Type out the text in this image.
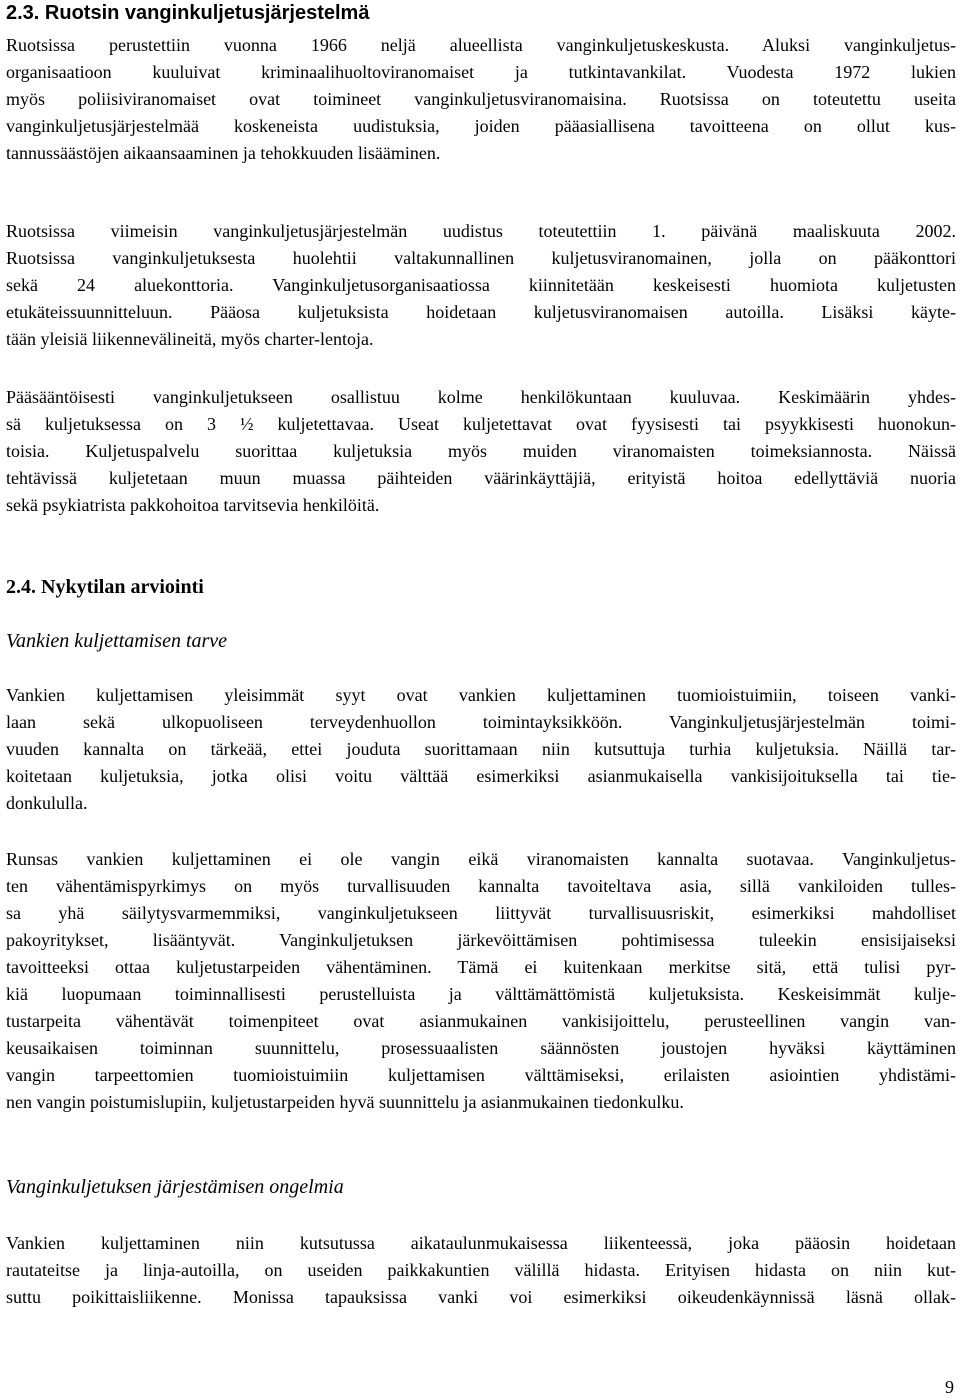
2.3. Ruotsin vanginkuljetusjärjestelmä
Ruotsissa perustettiin vuonna 1966 neljä alueellista vanginkuljetuskeskusta. Aluksi vanginkuljetus-
organisaatioon kuuluivat kriminaalihuoltoviranomaiset ja tutkintavankilat. Vuodesta 1972 lukien
myös poliisiviranomaiset ovat toimineet vanginkuljetusviranomaisina. Ruotsissa on toteutettu useita
vanginkuljetusjärjestelmää koskeneista uudistuksia, joiden pääasiallisena tavoitteena on ollut kus-
tannussäästöjen aikaansaaminen ja tehokkuuden lisääminen.
Ruotsissa viimeisin vanginkuljetusjärjestelmän uudistus toteutettiin 1. päivänä maaliskuuta 2002.
Ruotsissa vanginkuljetuksesta huolehtii valtakunnallinen kuljetusviranomainen, jolla on pääkonttori
sekä 24 aluekonttoria. Vanginkuljetusorganisaatiossa kiinnitetään keskeisesti huomiota kuljetusten
etukäteissuunnitteluun. Pääosa kuljetuksista hoidetaan kuljetusviranomaisen autoilla. Lisäksi käyte-
tään yleisiä liikennevälineitä, myös charter-lentoja.
Pääsääntöisesti vanginkuljetukseen osallistuu kolme henkilökuntaan kuuluvaa. Keskimäärin yhdes-
sä kuljetuksessa on 3 ½ kuljetettavaa. Useat kuljetettavat ovat fyysisesti tai psyykkisesti huonokun-
toisia. Kuljetuspalvelu suorittaa kuljetuksia myös muiden viranomaisten toimeksiannosta. Näissä
tehtävissä kuljetetaan muun muassa päihteiden väärinkäyttäjiä, erityistä hoitoa edellyttäviä nuoria
sekä psykiatrista pakkohoitoa tarvitsevia henkilöitä.
2.4. Nykytilan arviointi
Vankien kuljettamisen tarve
Vankien kuljettamisen yleisimmät syyt ovat vankien kuljettaminen tuomioistuimiin, toiseen vanki-
laan sekä ulkopuoliseen terveydenhuollon toimintayksikköön. Vanginkuljetusjärjestelmän toimi-
vuuden kannalta on tärkeää, ettei jouduta suorittamaan niin kutsuttuja turhia kuljetuksia. Näillä tar-
koitetaan kuljetuksia, jotka olisi voitu välttää esimerkiksi asianmukaisella vankisijoituksella tai tie-
donkululla.
Runsas vankien kuljettaminen ei ole vangin eikä viranomaisten kannalta suotavaa. Vanginkuljetus-
ten vähentämispyrkimys on myös turvallisuuden kannalta tavoiteltava asia, sillä vankiloiden tulles-
sa yhä säilytysvarmemmiksi, vanginkuljetukseen liittyvät turvallisuusriskit, esimerkiksi mahdolliset
pakoyritykset, lisääntyvät. Vanginkuljetuksen järkevöittämisen pohtimisessa tuleekin ensisijaiseksi
tavoitteeksi ottaa kuljetustarpeiden vähentäminen. Tämä ei kuitenkaan merkitse sitä, että tulisi pyr-
kiä luopumaan toiminnallisesti perustelluista ja välttämättömistä kuljetuksista. Keskeisimmät kulje-
tustarpeita vähentävät toimenpiteet ovat asianmukainen vankisijoittelu, perusteellinen vangin van-
keusaikaisen toiminnan suunnittelu, prosessuaalisten säännösten joustojen hyväksi käyttäminen
vangin tarpeettomien tuomioistuimiin kuljettamisen välttämiseksi, erilaisten asiointien yhdistämi-
nen vangin poistumislupiin, kuljetustarpeiden hyvä suunnittelu ja asianmukainen tiedonkulku.
Vanginkuljetuksen järjestämisen ongelmia
Vankien kuljettaminen niin kutsutussa aikataulunmukaisessa liikenteessä, joka pääosin hoidetaan
rautateitse ja linja-autoilla, on useiden paikkakuntien välillä hidasta. Erityisen hidasta on niin kut-
suttu poikittaisliikenne. Monissa tapauksissa vanki voi esimerkiksi oikeudenkäynnissä läsnä ollak-
9
